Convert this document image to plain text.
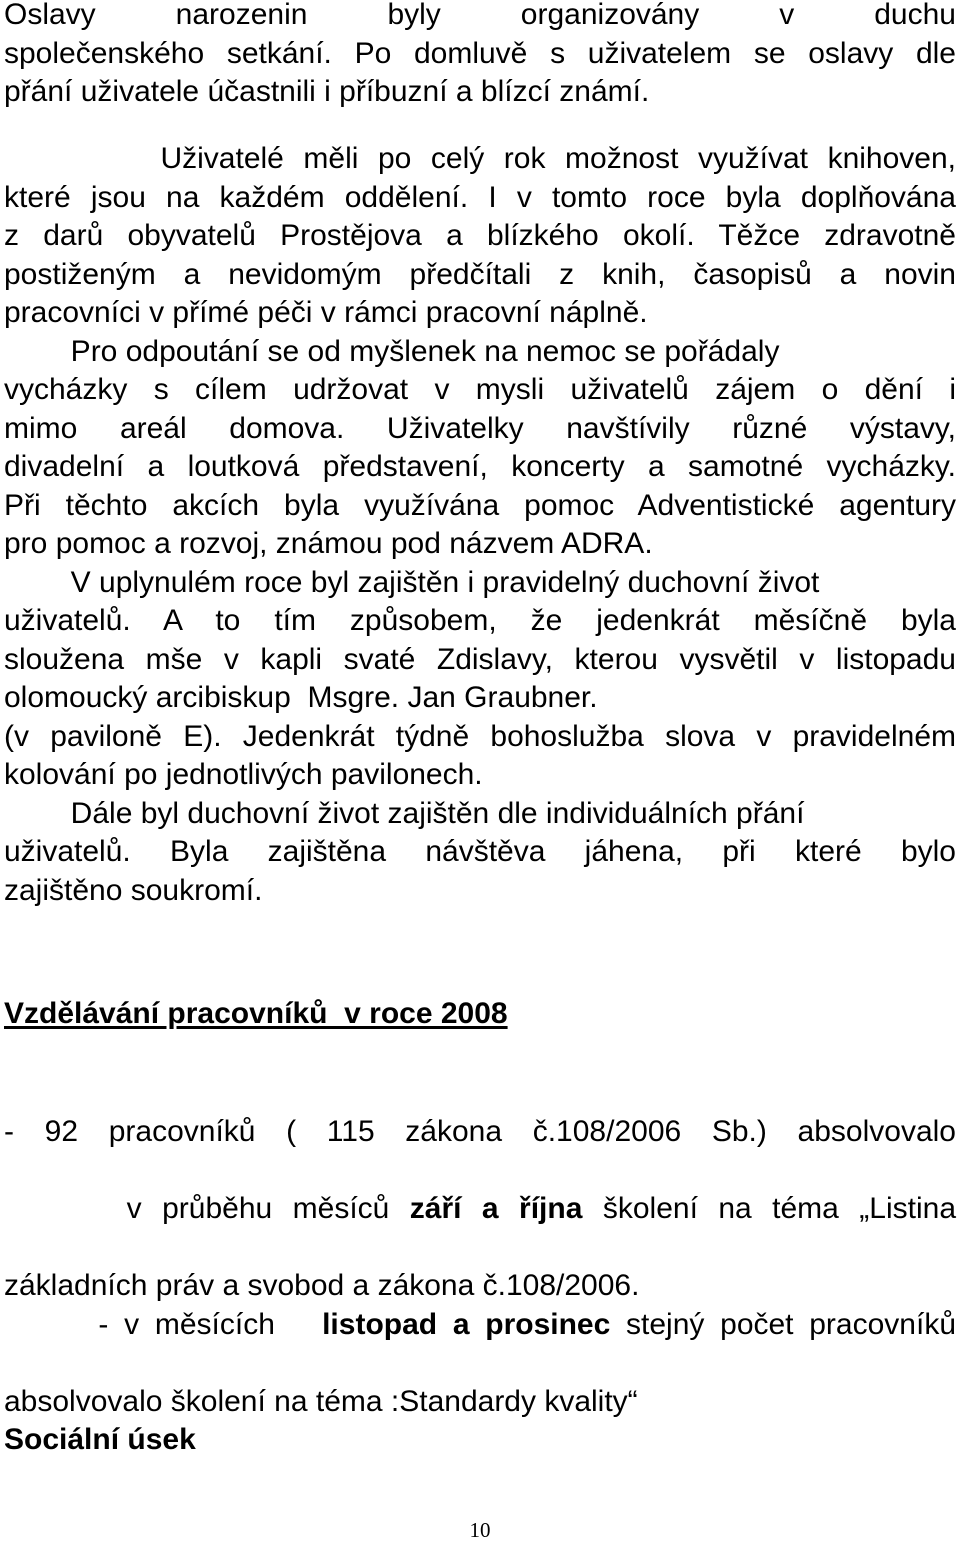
Oslavy narozenin byly organizovány v duchu
společenského setkání. Po domluvě s uživatelem se oslavy dle
přání uživatele účastnili i příbuzní a blízcí známí.
Uživatelé měli po celý rok možnost využívat knihoven,
které jsou na každém oddělení. I v tomto roce byla doplňována
z darů obyvatelů Prostějova a blízkého okolí. Těžce zdravotně
postiženým a nevidomým předčítali z knih, časopisů a novin
pracovníci v přímé péči v rámci pracovní náplně.
Pro odpoutání se od myšlenek na nemoc se pořádaly
vycházky s cílem udržovat v mysli uživatelů zájem o dění i
mimo areál domova. Uživatelky navštívily různé výstavy,
divadelní a loutková představení, koncerty a samotné vycházky.
Při těchto akcích byla využívána pomoc Adventistické agentury
pro pomoc a rozvoj, známou pod názvem ADRA.
V uplynulém roce byl zajištěn i pravidelný duchovní život
uživatelů. A to tím způsobem, že jedenkrát měsíčně byla
sloužena mše v kapli svaté Zdislavy, kterou vysvětil v listopadu
olomoucký arcibiskup  Msgre. Jan Graubner.
(v paviloně E). Jedenkrát týdně bohoslužba slova v pravidelném
kolování po jednotlivých pavilonech.
Dále byl duchovní život zajištěn dle individuálních přání
uživatelů. Byla zajištěna návštěva jáhena, při které bylo
zajištěno soukromí.
Vzdělávání pracovníků  v roce 2008
- 92 pracovníků ( 115 zákona č.108/2006 Sb.) absolvovalo

v průběhu měsíců září a října školení na téma „Listina

základních práv a svobod a zákona č.108/2006.

- v měsících   listopad a prosinec stejný počet pracovníků

absolvovalo školení na téma :Standardy kvality“
Sociální úsek
10
